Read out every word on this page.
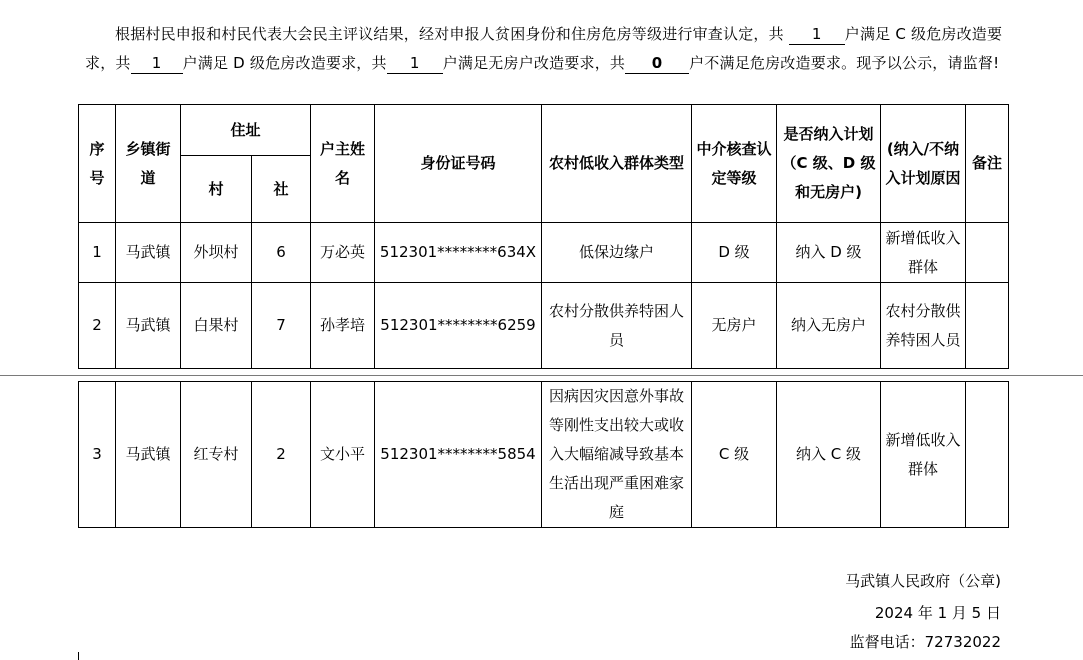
根据村民申报和村民代表大会民主评议结果，经对申报人贫困身份和住房危房等级进行审查认定，共 1 户满足 C 级危房改造要求，共 1 户满足 D 级危房改造要求，共 1 户满足无房户改造要求，共 0 户不满足危房改造要求。现予以公示，请监督!
序号	乡镇街道	住址		户主姓名	身份证号码	农村低收入群体类型	中介核查认定等级	是否纳入计划（C 级、D 级和无房户)	(纳入/不纳入计划原因	备注
		村	社							
1	马武镇	外坝村	6	万必英	512301********634X	低保边缘户	D 级	纳入 D 级	新增低收入群体	
2	马武镇	白果村	7	孙孝培	512301********6259	农村分散供养特困人员	无房户	纳入无房户	农村分散供养特困人员	
3	马武镇	红专村	2	文小平	512301********5854	因病因灾因意外事故等刚性支出较大或收入大幅缩减导致基本生活出现严重困难家庭	C 级	纳入 C 级	新增低收入群体	
马武镇人民政府（公章)
2024 年 1 月 5 日
监督电话：72732022
